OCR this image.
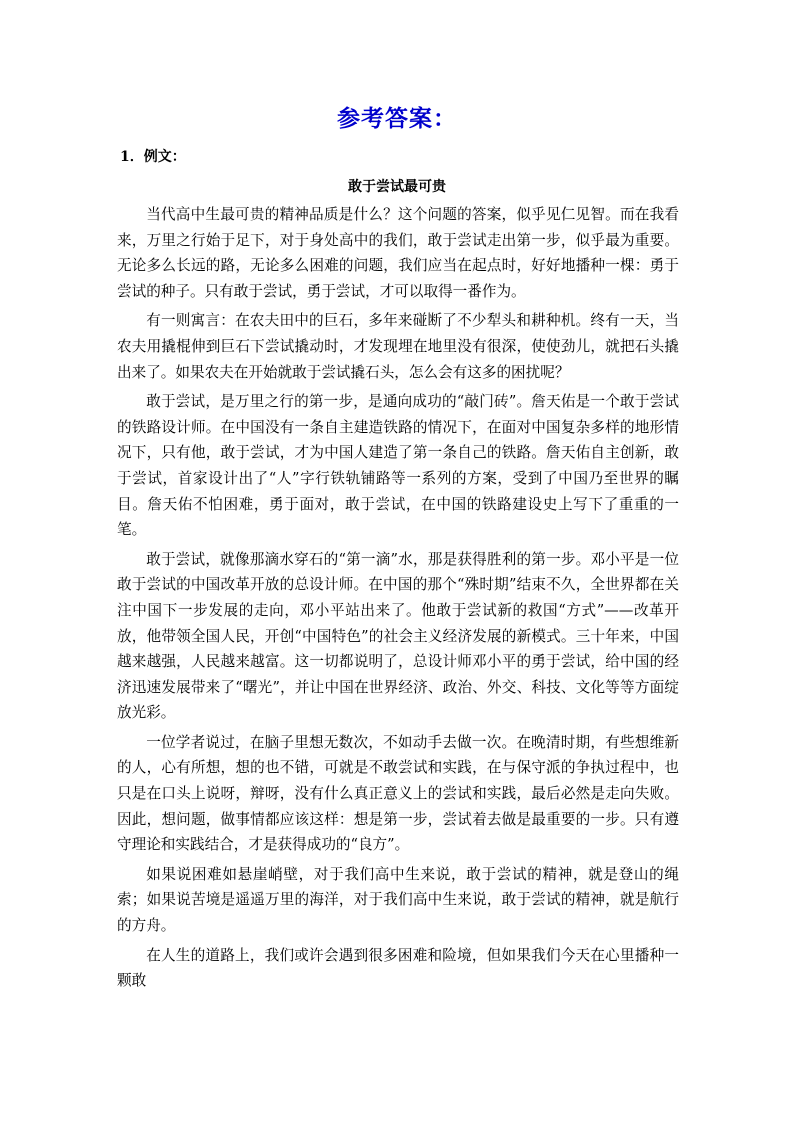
参考答案：
1．例文：
敢于尝试最可贵

当代高中生最可贵的精神品质是什么？这个问题的答案，似乎见仁见智。而在我看来，万里之行始于足下，对于身处高中的我们，敢于尝试走出第一步，似乎最为重要。无论多么长远的路，无论多么困难的问题，我们应当在起点时，好好地播种一棵：勇于尝试的种子。只有敢于尝试，勇于尝试，才可以取得一番作为。

有一则寓言：在农夫田中的巨石，多年来碰断了不少犁头和耕种机。终有一天，当农夫用撬棍伸到巨石下尝试撬动时，才发现埋在地里没有很深，使使劲儿，就把石头撬出来了。如果农夫在开始就敢于尝试撬石头，怎么会有这多的困扰呢？

敢于尝试，是万里之行的第一步，是通向成功的“敲门砖”。詹天佑是一个敢于尝试的铁路设计师。在中国没有一条自主建造铁路的情况下，在面对中国复杂多样的地形情况下，只有他，敢于尝试，才为中国人建造了第一条自己的铁路。詹天佑自主创新，敢于尝试，首家设计出了“人”字行铁轨铺路等一系列的方案，受到了中国乃至世界的瞩目。詹天佑不怕困难，勇于面对，敢于尝试，在中国的铁路建设史上写下了重重的一笔。

敢于尝试，就像那滴水穿石的“第一滴”水，那是获得胜利的第一步。邓小平是一位敢于尝试的中国改革开放的总设计师。在中国的那个“殊时期”结束不久，全世界都在关注中国下一步发展的走向，邓小平站出来了。他敢于尝试新的救国“方式”——改革开放，他带领全国人民，开创“中国特色”的社会主义经济发展的新模式。三十年来，中国越来越强，人民越来越富。这一切都说明了，总设计师邓小平的勇于尝试，给中国的经济迅速发展带来了“曙光”，并让中国在世界经济、政治、外交、科技、文化等等方面绽放光彩。

一位学者说过，在脑子里想无数次，不如动手去做一次。在晚清时期，有些想维新的人，心有所想，想的也不错，可就是不敢尝试和实践，在与保守派的争执过程中，也只是在口头上说呀，辩呀，没有什么真正意义上的尝试和实践，最后必然是走向失败。因此，想问题，做事情都应该这样：想是第一步，尝试着去做是最重要的一步。只有遵守理论和实践结合，才是获得成功的“良方”。

如果说困难如悬崖峭壁，对于我们高中生来说，敢于尝试的精神，就是登山的绳索；如果说苦境是遥遥万里的海洋，对于我们高中生来说，敢于尝试的精神，就是航行的方舟。

在人生的道路上，我们或许会遇到很多困难和险境，但如果我们今天在心里播种一颗敢
